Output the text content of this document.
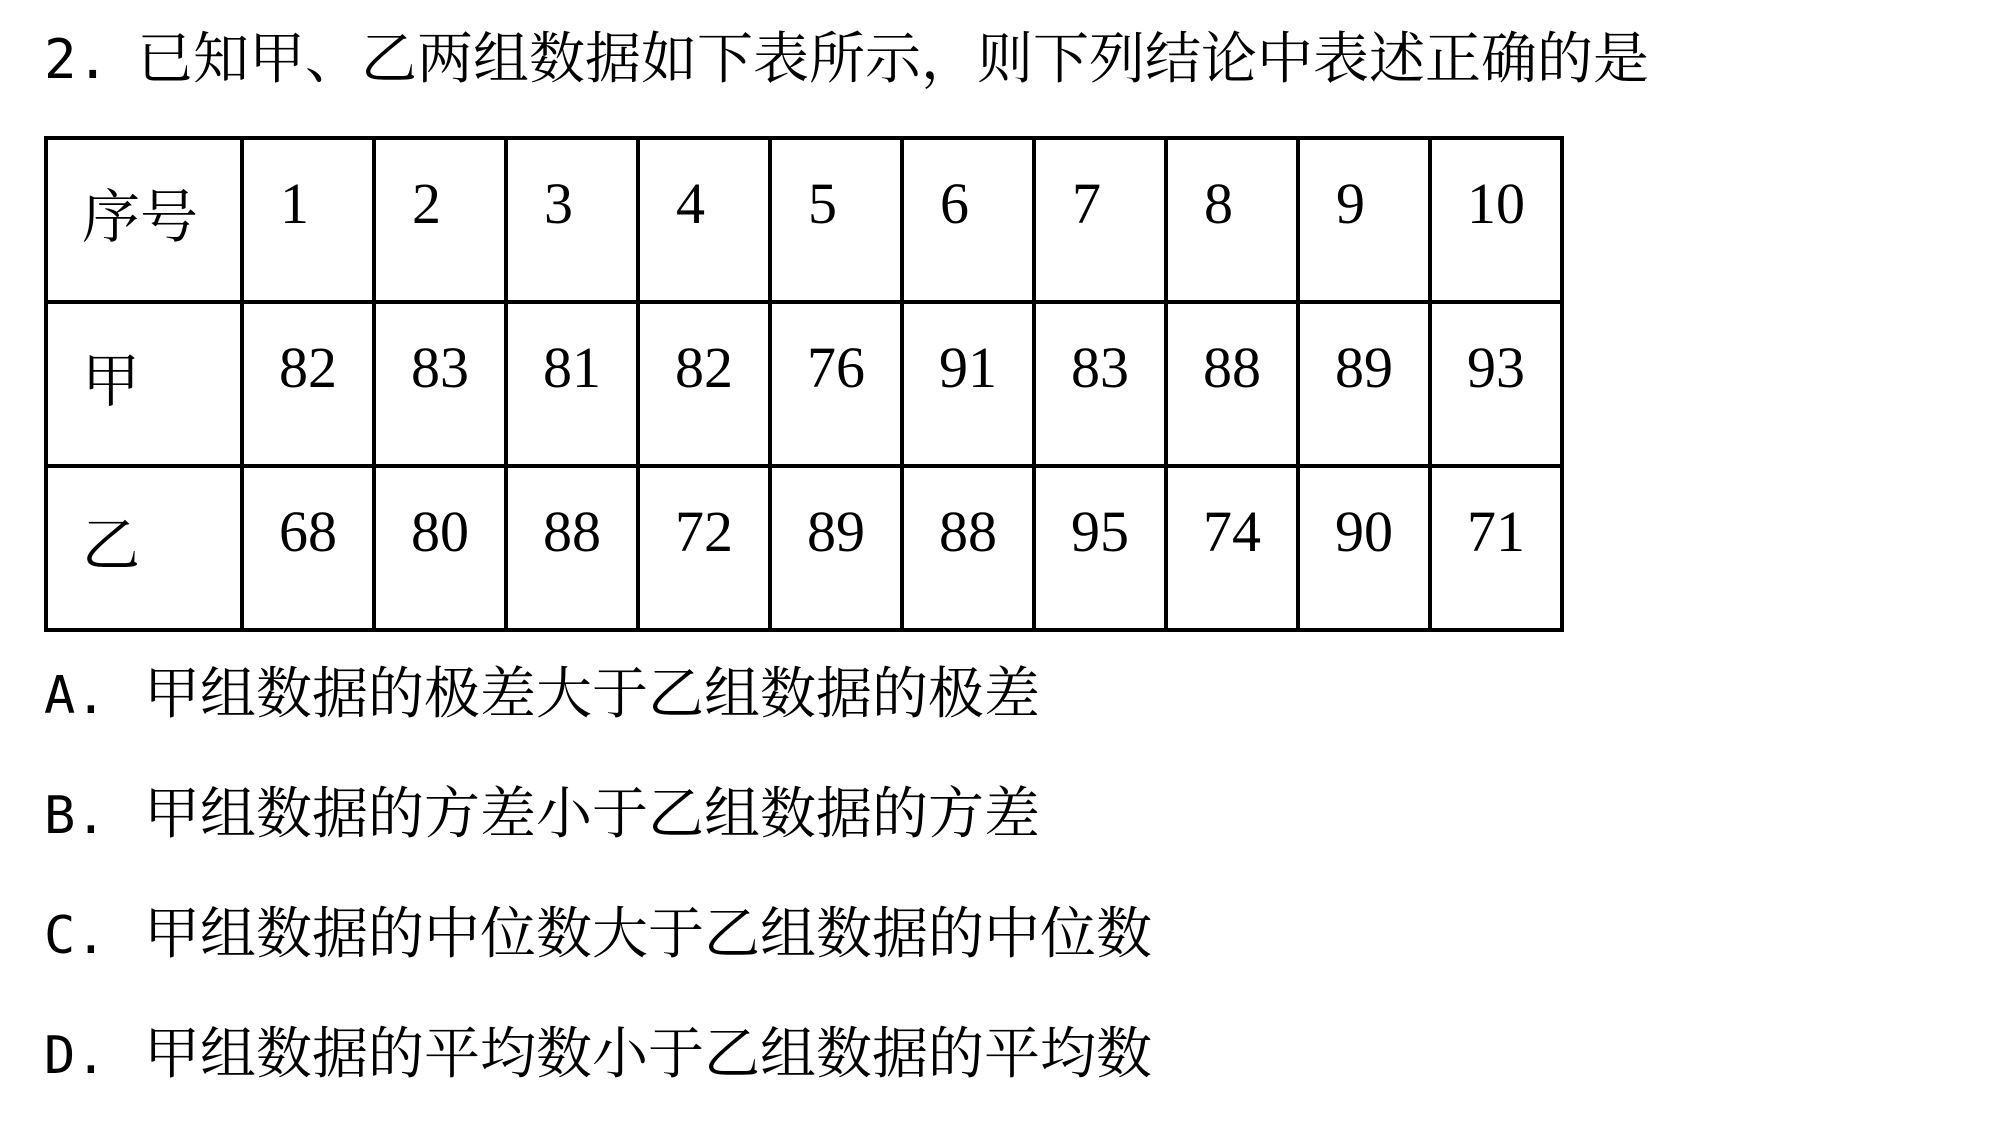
2. 已知甲、乙两组数据如下表所示，则下列结论中表述正确的是
序号	1	2	3	4	5	6	7	8	9	10

甲	82	83	81	82	76	91	83	88	89	93

乙	68	80	88	72	89	88	95	74	90	71
A. 甲组数据的极差大于乙组数据的极差
B. 甲组数据的方差小于乙组数据的方差
C. 甲组数据的中位数大于乙组数据的中位数
D. 甲组数据的平均数小于乙组数据的平均数
